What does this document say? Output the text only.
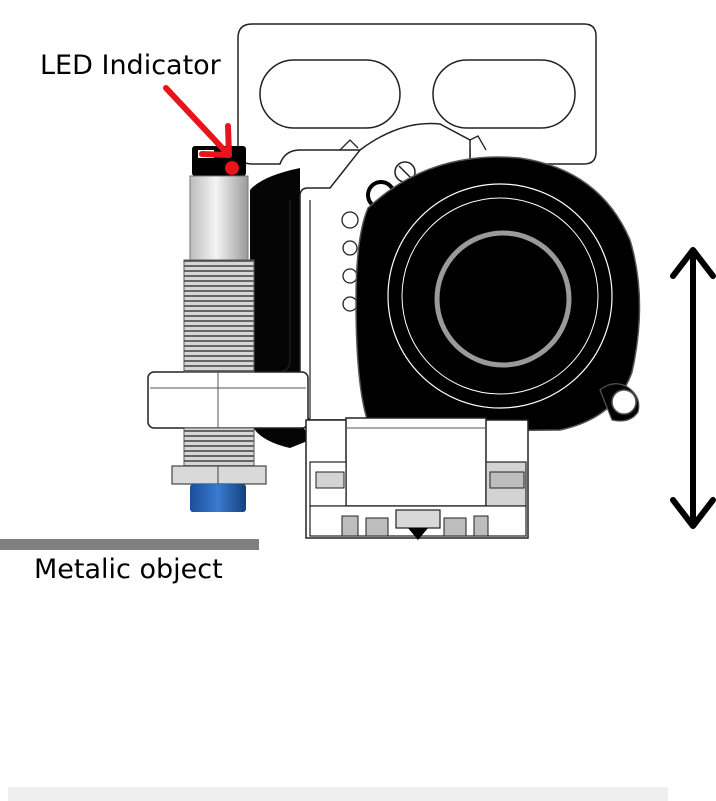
LED Indicator
Metalic object
